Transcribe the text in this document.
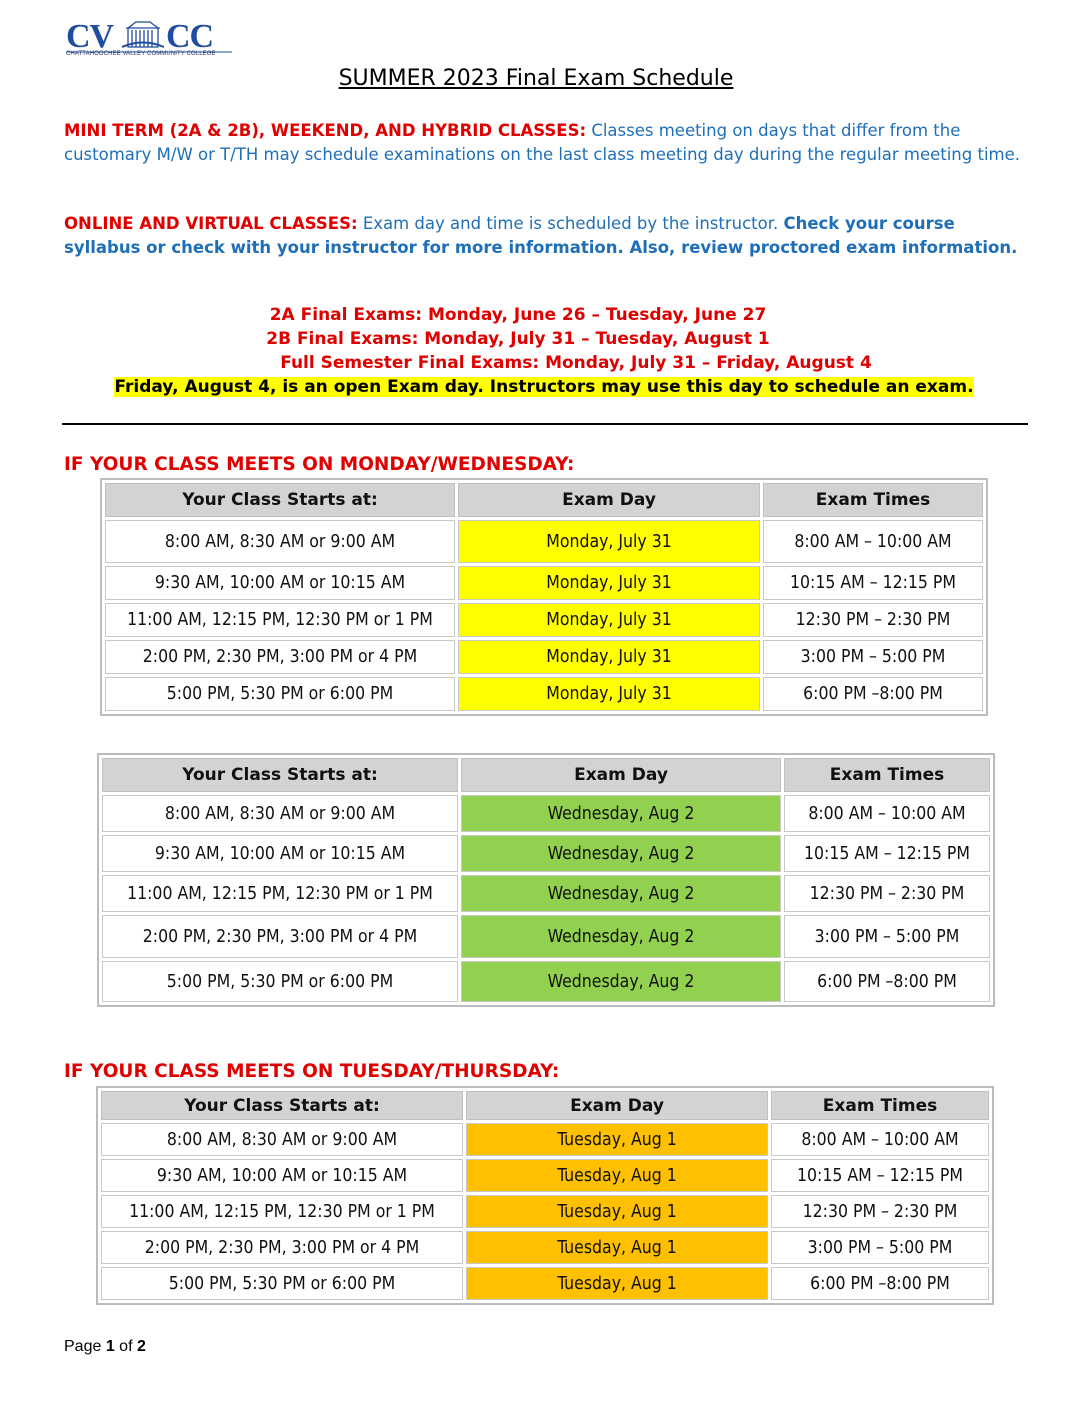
CV CC
CHATTAHOOCHEE VALLEY COMMUNITY COLLEGE
SUMMER 2023 Final Exam Schedule
MINI TERM (2A & 2B), WEEKEND, AND HYBRID CLASSES: Classes meeting on days that differ from the customary M/W or T/TH may schedule examinations on the last class meeting day during the regular meeting time.
ONLINE AND VIRTUAL CLASSES: Exam day and time is scheduled by the instructor. Check your course syllabus or check with your instructor for more information. Also, review proctored exam information.
2A Final Exams: Monday, June 26 – Tuesday, June 27
2B Final Exams: Monday, July 31 – Tuesday, August 1
Full Semester Final Exams: Monday, July 31 – Friday, August 4
Friday, August 4, is an open Exam day. Instructors may use this day to schedule an exam.
IF YOUR CLASS MEETS ON MONDAY/WEDNESDAY:
Your Class Starts at:	Exam Day	Exam Times
8:00 AM, 8:30 AM or 9:00 AM	Monday, July 31	8:00 AM – 10:00 AM
9:30 AM, 10:00 AM or 10:15 AM	Monday, July 31	10:15 AM – 12:15 PM
11:00 AM, 12:15 PM, 12:30 PM or 1 PM	Monday, July 31	12:30 PM – 2:30 PM
2:00 PM, 2:30 PM, 3:00 PM or 4 PM	Monday, July 31	3:00 PM – 5:00 PM
5:00 PM, 5:30 PM or 6:00 PM	Monday, July 31	6:00 PM –8:00 PM
Your Class Starts at:	Exam Day	Exam Times
8:00 AM, 8:30 AM or 9:00 AM	Wednesday, Aug 2	8:00 AM – 10:00 AM
9:30 AM, 10:00 AM or 10:15 AM	Wednesday, Aug 2	10:15 AM – 12:15 PM
11:00 AM, 12:15 PM, 12:30 PM or 1 PM	Wednesday, Aug 2	12:30 PM – 2:30 PM
2:00 PM, 2:30 PM, 3:00 PM or 4 PM	Wednesday, Aug 2	3:00 PM – 5:00 PM
5:00 PM, 5:30 PM or 6:00 PM	Wednesday, Aug 2	6:00 PM –8:00 PM
IF YOUR CLASS MEETS ON TUESDAY/THURSDAY:
Your Class Starts at:	Exam Day	Exam Times
8:00 AM, 8:30 AM or 9:00 AM	Tuesday, Aug 1	8:00 AM – 10:00 AM
9:30 AM, 10:00 AM or 10:15 AM	Tuesday, Aug 1	10:15 AM – 12:15 PM
11:00 AM, 12:15 PM, 12:30 PM or 1 PM	Tuesday, Aug 1	12:30 PM – 2:30 PM
2:00 PM, 2:30 PM, 3:00 PM or 4 PM	Tuesday, Aug 1	3:00 PM – 5:00 PM
5:00 PM, 5:30 PM or 6:00 PM	Tuesday, Aug 1	6:00 PM –8:00 PM
Page 1 of 2
